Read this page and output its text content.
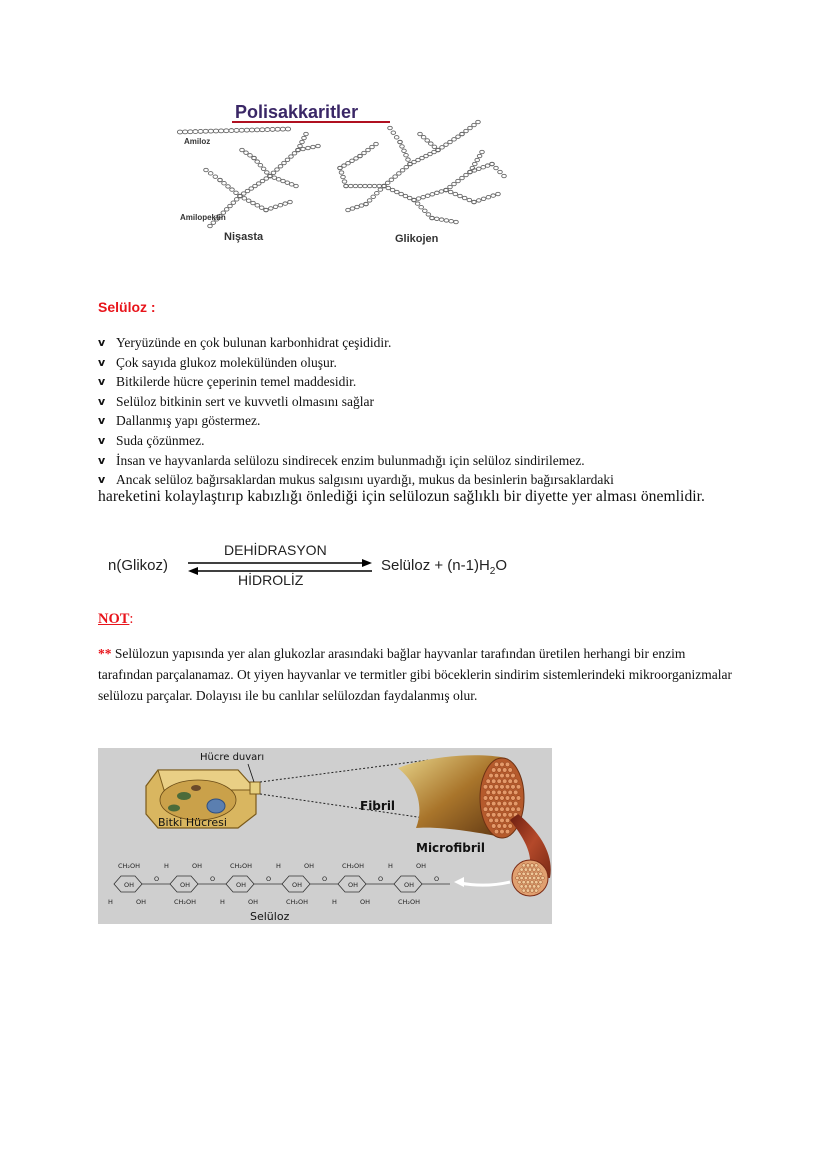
Polisakkaritler
Amiloz
Amilopektin
Nişasta	Glikojen
Selüloz :
v Yeryüzünde en çok bulunan karbonhidrat çeşididir.
v Çok sayıda glukoz molekülünden oluşur.
v Bitkilerde hücre çeperinin temel maddesidir.
v Selüloz bitkinin sert ve kuvvetli olmasını sağlar
v Dallanmış yapı göstermez.
v Suda çözünmez.
v İnsan ve hayvanlarda selülozu sindirecek enzim bulunmadığı için selüloz sindirilemez.
v Ancak selüloz bağırsaklardan mukus salgısını uyardığı, mukus da besinlerin bağırsaklardaki
hareketini kolaylaştırıp kabızlığı önlediği için selülozun sağlıklı bir diyette yer alması önemlidir.
n(Glikoz)
DEHİDRASYON
HİDROLİZ
Selüloz + $(n-1)H_2O$
NOT:

** Selülozun yapısında yer alan glukozlar arasındaki bağlar hayvanlar tarafından üretilen herhangi bir enzim tarafından parçalanamaz. Ot yiyen hayvanlar ve termitler gibi böceklerin sindirim sistemlerindeki mikroorganizmalar selülozu parçalar. Dolayısı ile bu canlılar selülozdan faydalanmış olur.

CH₂OH
OH
OH
O
H	CH₂OH
OH
OH
O
H	CH₂OH
OH
OH
O
H	CH₂OH
OH
OH
O
H	CH₂OH
OH
OH
O
H	CH₂OH
OH
OH
O
H
Hücre duvarı
Fibril
Bitki Hücresi
Microfibril
Selüloz
